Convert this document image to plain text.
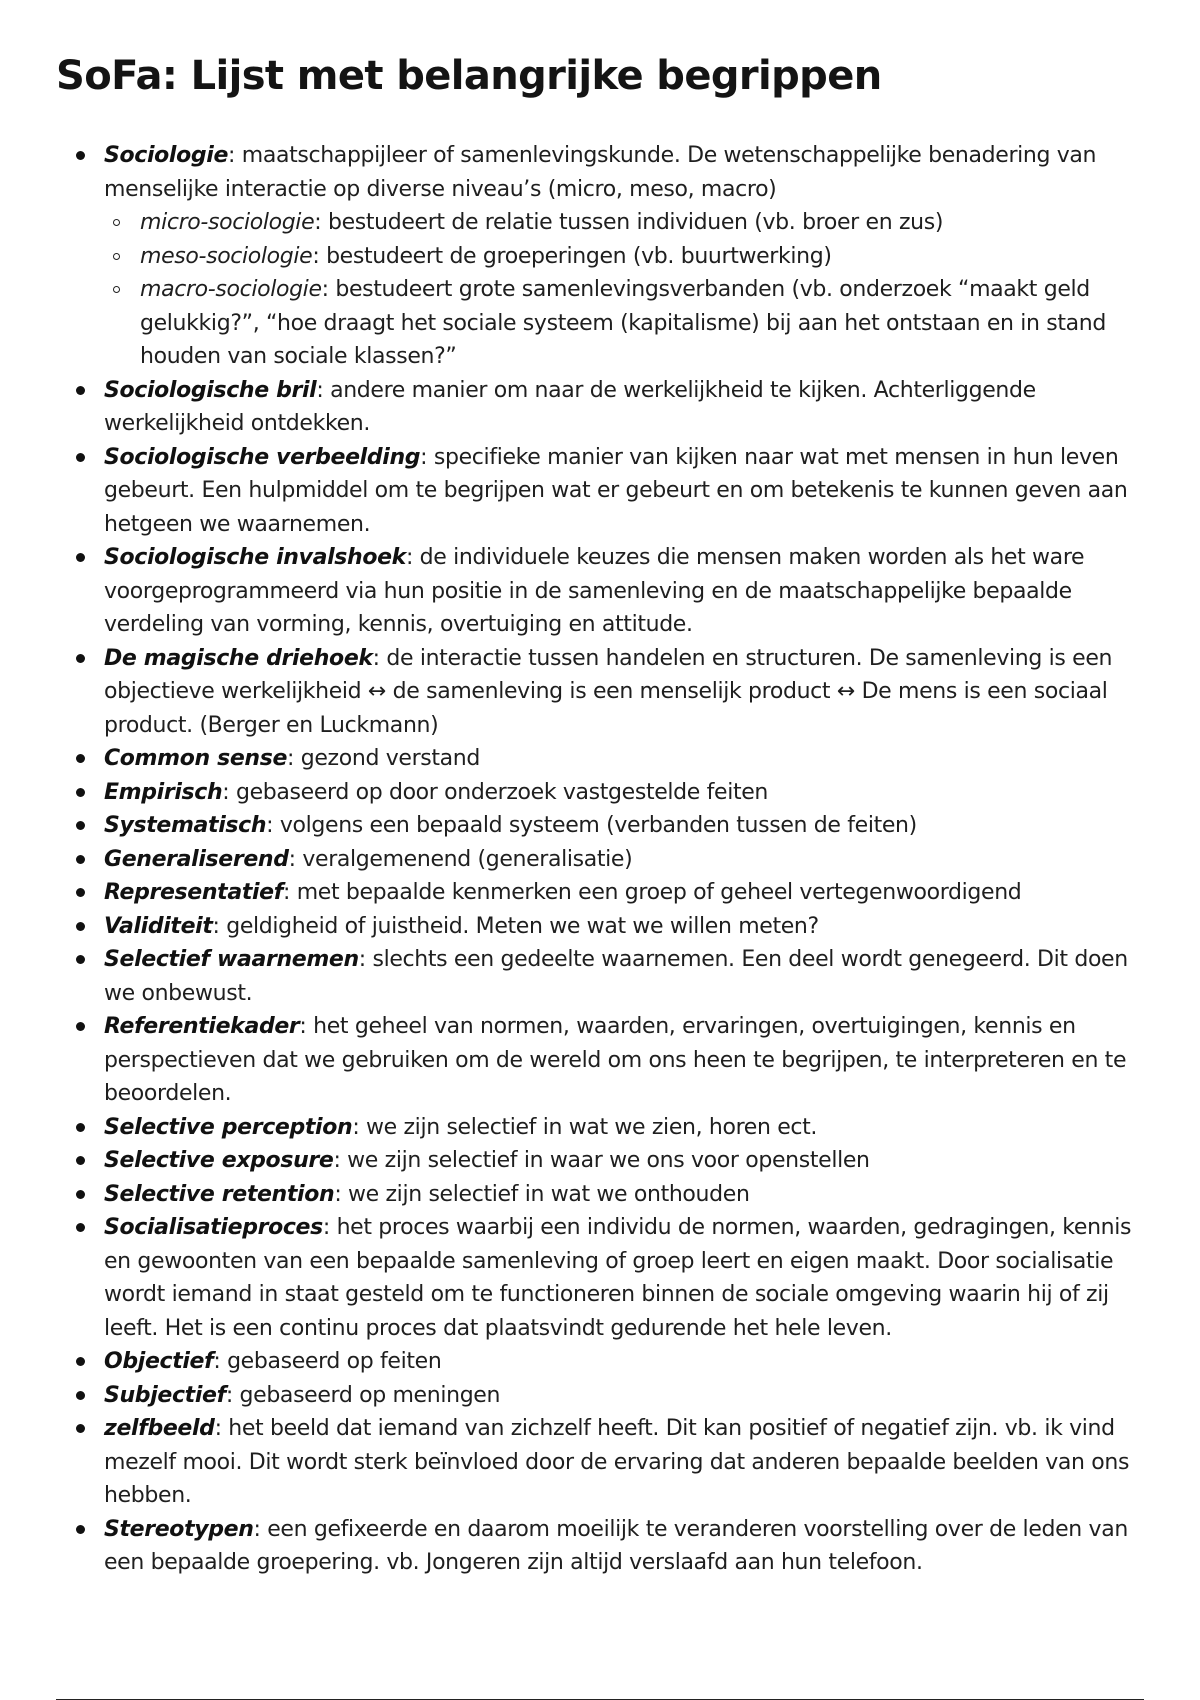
SoFa: Lijst met belangrijke begrippen
Sociologie: maatschappijleer of samenlevingskunde. De wetenschappelijke benadering van menselijke interactie op diverse niveau’s (micro, meso, macro)
micro-sociologie: bestudeert de relatie tussen individuen (vb. broer en zus)
meso-sociologie: bestudeert de groeperingen (vb. buurtwerking)
macro-sociologie: bestudeert grote samenlevingsverbanden (vb. onderzoek “maakt geld gelukkig?”, “hoe draagt het sociale systeem (kapitalisme) bij aan het ontstaan en in stand houden van sociale klassen?”
Sociologische bril: andere manier om naar de werkelijkheid te kijken. Achterliggende werkelijkheid ontdekken.
Sociologische verbeelding: specifieke manier van kijken naar wat met mensen in hun leven gebeurt. Een hulpmiddel om te begrijpen wat er gebeurt en om betekenis te kunnen geven aan hetgeen we waarnemen.
Sociologische invalshoek: de individuele keuzes die mensen maken worden als het ware voorgeprogrammeerd via hun positie in de samenleving en de maatschappelijke bepaalde verdeling van vorming, kennis, overtuiging en attitude.
De magische driehoek: de interactie tussen handelen en structuren. De samenleving is een objectieve werkelijkheid ↔ de samenleving is een menselijk product ↔ De mens is een sociaal product. (Berger en Luckmann)
Common sense: gezond verstand
Empirisch: gebaseerd op door onderzoek vastgestelde feiten
Systematisch: volgens een bepaald systeem (verbanden tussen de feiten)
Generaliserend: veralgemenend (generalisatie)
Representatief: met bepaalde kenmerken een groep of geheel vertegenwoordigend
Validiteit: geldigheid of juistheid. Meten we wat we willen meten?
Selectief waarnemen: slechts een gedeelte waarnemen. Een deel wordt genegeerd. Dit doen we onbewust.
Referentiekader: het geheel van normen, waarden, ervaringen, overtuigingen, kennis en perspectieven dat we gebruiken om de wereld om ons heen te begrijpen, te interpreteren en te beoordelen.
Selective perception: we zijn selectief in wat we zien, horen ect.
Selective exposure: we zijn selectief in waar we ons voor openstellen
Selective retention: we zijn selectief in wat we onthouden
Socialisatieproces: het proces waarbij een individu de normen, waarden, gedragingen, kennis en gewoonten van een bepaalde samenleving of groep leert en eigen maakt. Door socialisatie wordt iemand in staat gesteld om te functioneren binnen de sociale omgeving waarin hij of zij leeft. Het is een continu proces dat plaatsvindt gedurende het hele leven.
Objectief: gebaseerd op feiten
Subjectief: gebaseerd op meningen
zelfbeeld: het beeld dat iemand van zichzelf heeft. Dit kan positief of negatief zijn. vb. ik vind mezelf mooi. Dit wordt sterk beïnvloed door de ervaring dat anderen bepaalde beelden van ons hebben.
Stereotypen: een gefixeerde en daarom moeilijk te veranderen voorstelling over de leden van een bepaalde groepering. vb. Jongeren zijn altijd verslaafd aan hun telefoon.
